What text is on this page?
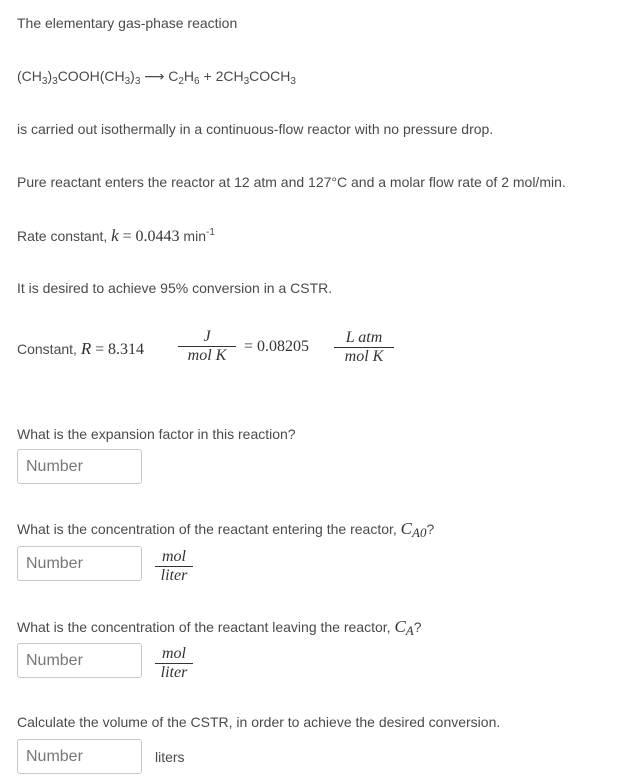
The elementary gas-phase reaction
$(CH_3)_3COOH(CH_3)_3$ ⟶ $C_2H_6$ + $2CH_3COCH_3$
is carried out isothermally in a continuous-flow reactor with no pressure drop.
Pure reactant enters the reactor at 12 atm and 127°C and a molar flow rate of 2 mol/min.
Rate constant, k = 0.0443 $\min^{-1}$
It is desired to achieve 95% conversion in a CSTR.
Constant, R = 8.314
J
mol K
= 0.08205
L atm
mol K
What is the expansion factor in this reaction?
Number
What is the concentration of the reactant entering the reactor, $C_{A0}$?
Number
mol
liter
What is the concentration of the reactant leaving the reactor, $C_A$?
Number
mol
liter
Calculate the volume of the CSTR, in order to achieve the desired conversion.
Number
liters
